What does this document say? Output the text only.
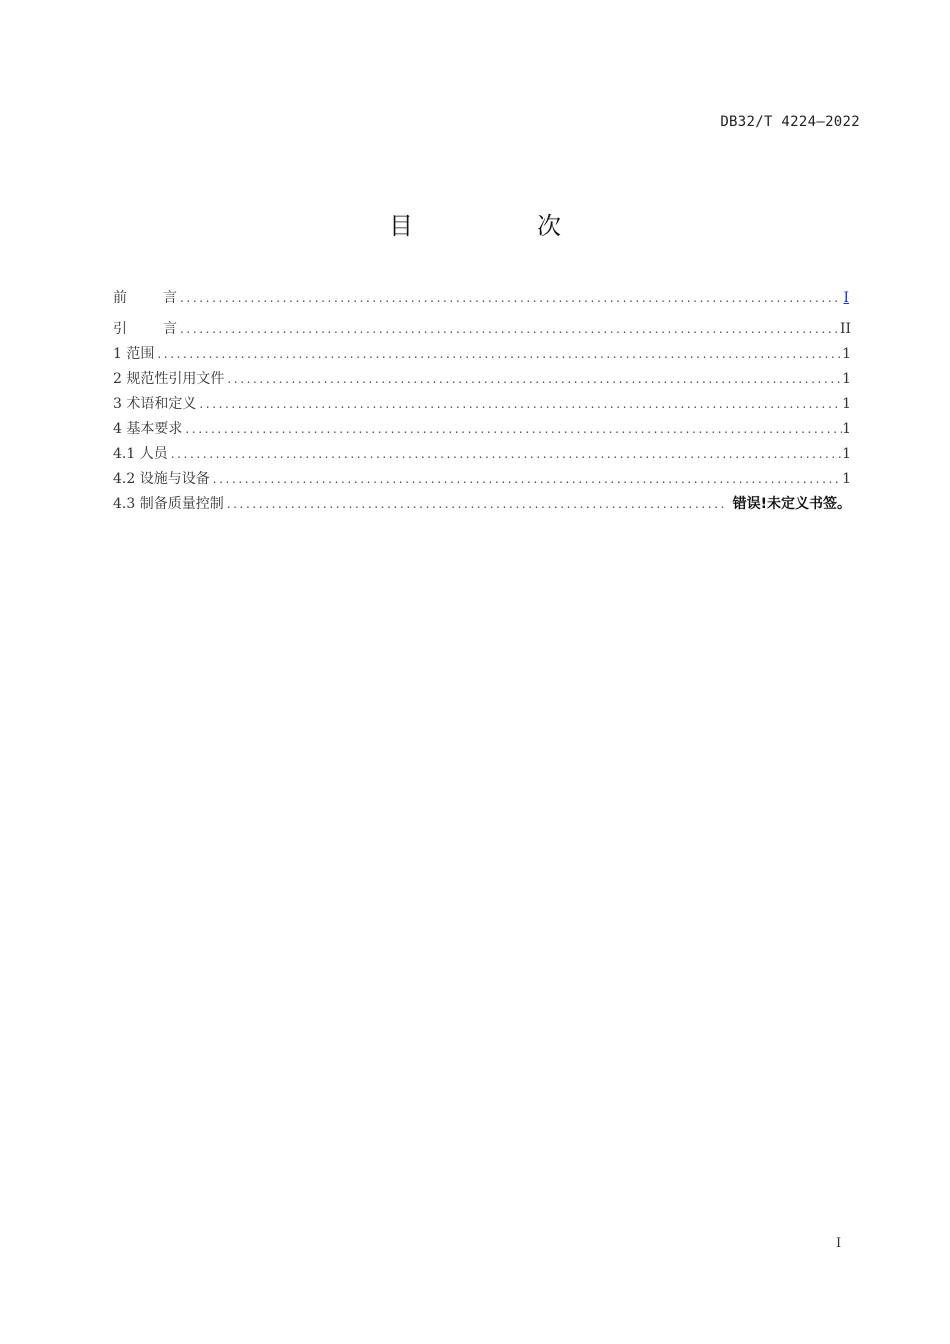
DB32/T 4224—2022
目　次
前	言 .....	I
引	言 .....	II
1 范围 .....	1
2 规范性引用文件 .....	1
3 术语和定义 .....	1
4 基本要求 .....	1
4.1 人员 .....	1
4.2 设施与设备 .....	1
4.3 制备质量控制 .....	错误!未定义书签。
I
